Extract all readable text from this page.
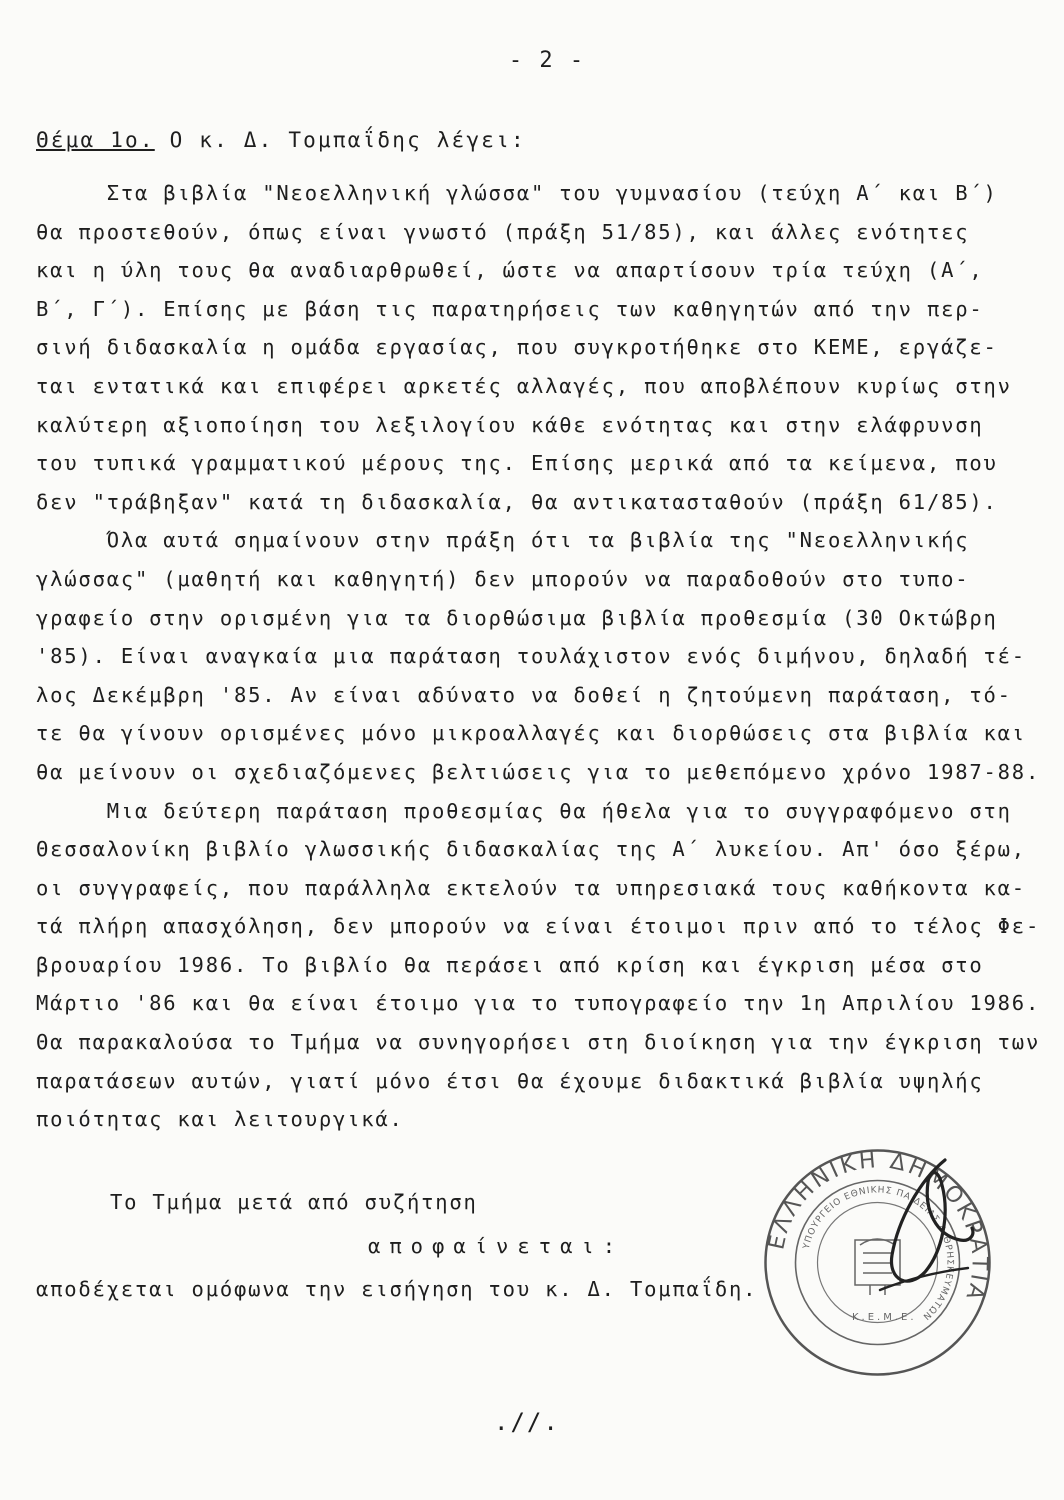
- 2 -
Θέμα 1ο. Ο κ. Δ. Τομπαΐδης λέγει:
Στα βιβλία "Νεοελληνική γλώσσα" του γυμνασίου (τεύχη Α΄ και Β΄)
θα προστεθούν, όπως είναι γνωστό (πράξη 51/85), και άλλες ενότητες
και η ύλη τους θα αναδιαρθρωθεί, ώστε να απαρτίσουν τρία τεύχη (Α΄,
Β΄, Γ΄). Επίσης με βάση τις παρατηρήσεις των καθηγητών από την περ-
σινή διδασκαλία η ομάδα εργασίας, που συγκροτήθηκε στο ΚΕΜΕ, εργάζε-
ται εντατικά και επιφέρει αρκετές αλλαγές, που αποβλέπουν κυρίως στην
καλύτερη αξιοποίηση του λεξιλογίου κάθε ενότητας και στην ελάφρυνση
του τυπικά γραμματικού μέρους της. Επίσης μερικά από τα κείμενα, που
δεν "τράβηξαν" κατά τη διδασκαλία, θα αντικατασταθούν (πράξη 61/85).
Όλα αυτά σημαίνουν στην πράξη ότι τα βιβλία της "Νεοελληνικής
γλώσσας" (μαθητή και καθηγητή) δεν μπορούν να παραδοθούν στο τυπο-
γραφείο στην ορισμένη για τα διορθώσιμα βιβλία προθεσμία (30 Οκτώβρη
'85). Είναι αναγκαία μια παράταση τουλάχιστον ενός διμήνου, δηλαδή τέ-
λος Δεκέμβρη '85. Αν είναι αδύνατο να δοθεί η ζητούμενη παράταση, τό-
τε θα γίνουν ορισμένες μόνο μικροαλλαγές και διορθώσεις στα βιβλία και
θα μείνουν οι σχεδιαζόμενες βελτιώσεις για το μεθεπόμενο χρόνο 1987-88.
Μια δεύτερη παράταση προθεσμίας θα ήθελα για το συγγραφόμενο στη
Θεσσαλονίκη βιβλίο γλωσσικής διδασκαλίας της Α΄ λυκείου. Απ' όσο ξέρω,
οι συγγραφείς, που παράλληλα εκτελούν τα υπηρεσιακά τους καθήκοντα κα-
τά πλήρη απασχόληση, δεν μπορούν να είναι έτοιμοι πριν από το τέλος Φε-
βρουαρίου 1986. Το βιβλίο θα περάσει από κρίση και έγκριση μέσα στο
Μάρτιο '86 και θα είναι έτοιμο για το τυπογραφείο την 1η Απριλίου 1986.
Θα παρακαλούσα το Τμήμα να συνηγορήσει στη διοίκηση για την έγκριση των
παρατάσεων αυτών, γιατί μόνο έτσι θα έχουμε διδακτικά βιβλία υψηλής
ποιότητας και λειτουργικά.
Το Τμήμα μετά από συζήτηση
αποφαίνεται:
αποδέχεται ομόφωνα την εισήγηση του κ. Δ. Τομπαΐδη.
ΕΛΛΗΝΙΚΗ ΔΗΜΟΚΡΑΤΙΑ
ΥΠΟΥΡΓΕΙΟ ΕΘΝΙΚΗΣ ΠΑΙΔΕΙΑΣ & ΘΡΗΣΚΕΥΜΑΤΩΝ
Κ.Ε.Μ.Ε.
.//.
